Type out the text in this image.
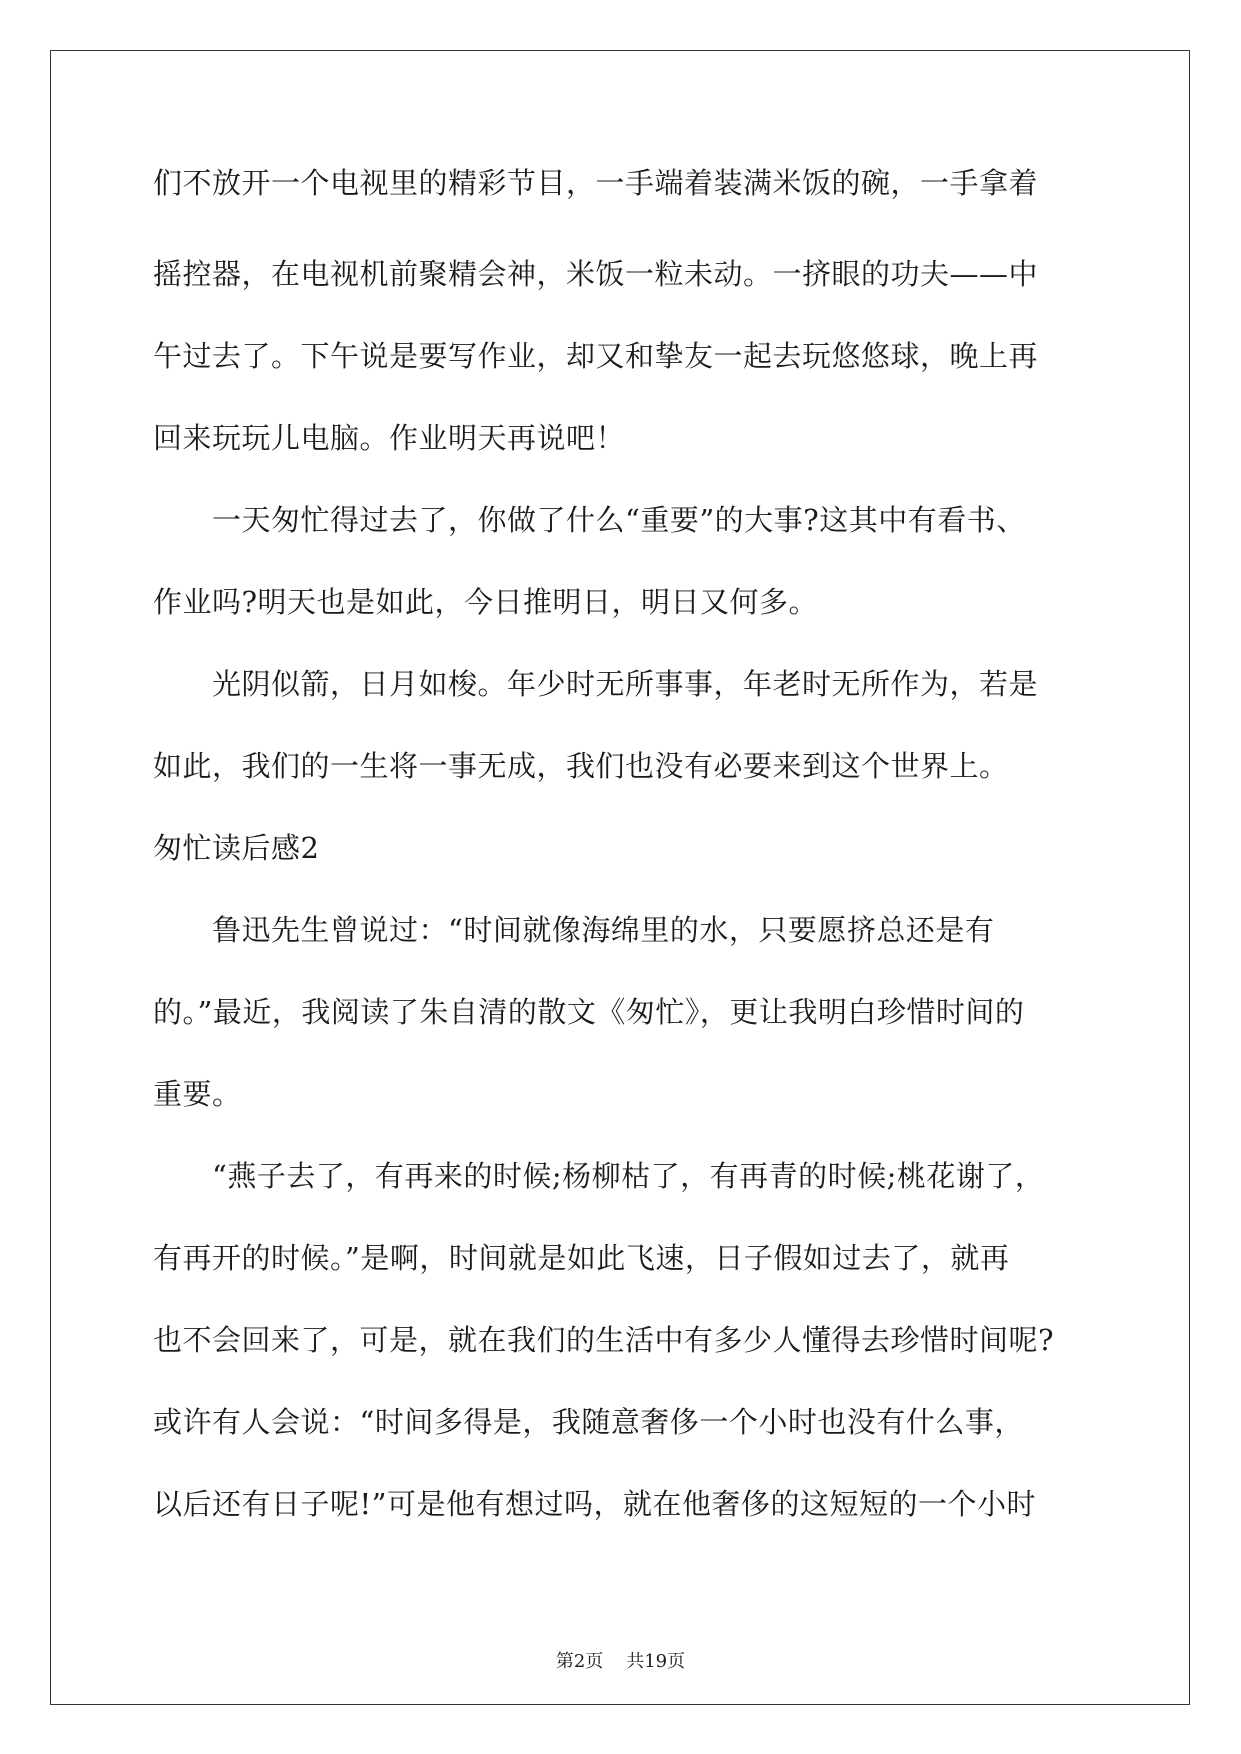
们不放开一个电视里的精彩节目，一手端着装满米饭的碗，一手拿着
摇控器，在电视机前聚精会神，米饭一粒未动。一挤眼的功夫——中
午过去了。下午说是要写作业，却又和挚友一起去玩悠悠球，晚上再
回来玩玩儿电脑。作业明天再说吧！
　　一天匆忙得过去了，你做了什么“重要”的大事?这其中有看书、
作业吗?明天也是如此，今日推明日，明日又何多。
　　光阴似箭，日月如梭。年少时无所事事，年老时无所作为，若是
如此，我们的一生将一事无成，我们也没有必要来到这个世界上。
匆忙读后感2
　　鲁迅先生曾说过：“时间就像海绵里的水，只要愿挤总还是有
的。”最近，我阅读了朱自清的散文《匆忙》，更让我明白珍惜时间的
重要。
　　“燕子去了，有再来的时候;杨柳枯了，有再青的时候;桃花谢了，
有再开的时候。”是啊，时间就是如此飞速，日子假如过去了，就再
也不会回来了，可是，就在我们的生活中有多少人懂得去珍惜时间呢?
或许有人会说：“时间多得是，我随意奢侈一个小时也没有什么事，
以后还有日子呢!”可是他有想过吗，就在他奢侈的这短短的一个小时
第2页 共19页
